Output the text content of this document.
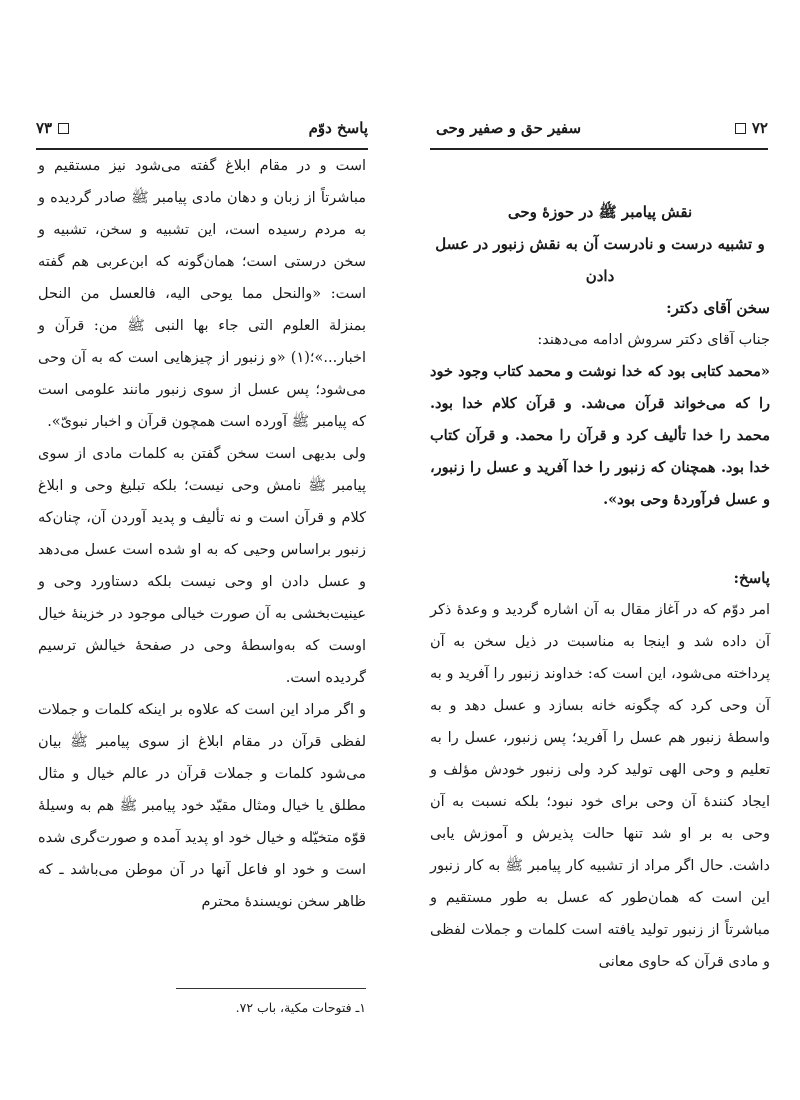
۷۳	پاسخ دوّم

است و در مقام ابلاغ گفته می‌شود نیز مستقیم و مباشرتاً از زبان و دهان مادی پیامبر ﷺ صادر گردیده و به مردم رسیده است، این تشبیه و سخن، تشبیه و سخن درستی است؛ همان‌گونه که ابن‌عربی هم گفته است: «والنحل مما یوحی الیه، فالعسل من النحل بمنزلة العلوم التی جاء بها النبی ﷺ من: قرآن و اخبار...»؛(۱) «و زنبور از چیزهایی است که به آن وحی می‌شود؛ پس عسل از سوی زنبور مانند علومی است که پیامبر ﷺ آورده است همچون قرآن و اخبار نبویّ».

ولی بدیهی است سخن گفتن به کلمات مادی از سوی پیامبر ﷺ نامش وحی نیست؛ بلکه تبلیغ وحی و ابلاغ کلام و قرآن است و نه تألیف و پدید آوردن آن، چنان‌که زنبور براساس وحیی که به او شده است عسل می‌دهد و عسل دادن او وحی نیست بلکه دستاورد وحی و عینیت‌بخشی به آن صورت خیالی موجود در خزینهٔ خیال اوست که به‌واسطهٔ وحی در صفحهٔ خیالش ترسیم گردیده است.

و اگر مراد این است که علاوه بر اینکه کلمات و جملات لفظی قرآن در مقام ابلاغ از سوی پیامبر ﷺ بیان می‌شود کلمات و جملات قرآن در عالم خیال و مثال مطلق یا خیال ومثال مقیّد خود پیامبر ﷺ هم به وسیلهٔ قوّه متخیّله و خیال خود او پدید آمده و صورت‌گری شده است و خود او فاعل آنها در آن موطن می‌باشد ـ که ظاهر سخن نویسندهٔ محترم

۱ـ فتوحات مکیة، باب ۷۲.
سفیر حق و صفیر وحی	۷۲

نقش پیامبر ﷺ در حوزهٔ وحی

و تشبیه درست و نادرست آن به نقش زنبور در عسل دادن

سخن آقای دکتر:

جناب آقای دکتر سروش ادامه می‌دهند:

«محمد کتابی بود که خدا نوشت و محمد کتاب وجود خود را که می‌خواند قرآن می‌شد. و قرآن کلام خدا بود. محمد را خدا تألیف کرد و قرآن را محمد. و قرآن کتاب خدا بود. همچنان که زنبور را خدا آفرید و عسل را زنبور، و عسل فرآوردهٔ وحی بود».

پاسخ:

امر دوّم که در آغاز مقال به آن اشاره گردید و وعدهٔ ذکر آن داده شد و اینجا به مناسبت در ذیل سخن به آن پرداخته می‌شود، این است که: خداوند زنبور را آفرید و به آن وحی کرد که چگونه خانه بسازد و عسل دهد و به واسطهٔ زنبور هم عسل را آفرید؛ پس زنبور، عسل را به تعلیم و وحی الهی تولید کرد ولی زنبور خودش مؤلف و ایجاد کنندهٔ آن وحی برای خود نبود؛ بلکه نسبت به آن وحی به بر او شد تنها حالت پذیرش و آموزش یابی داشت. حال اگر مراد از تشبیه کار پیامبر ﷺ به کار زنبور این است که همان‌طور که عسل به طور مستقیم و مباشرتاً از زنبور تولید یافته است کلمات و جملات لفظی و مادی قرآن که حاوی معانی
